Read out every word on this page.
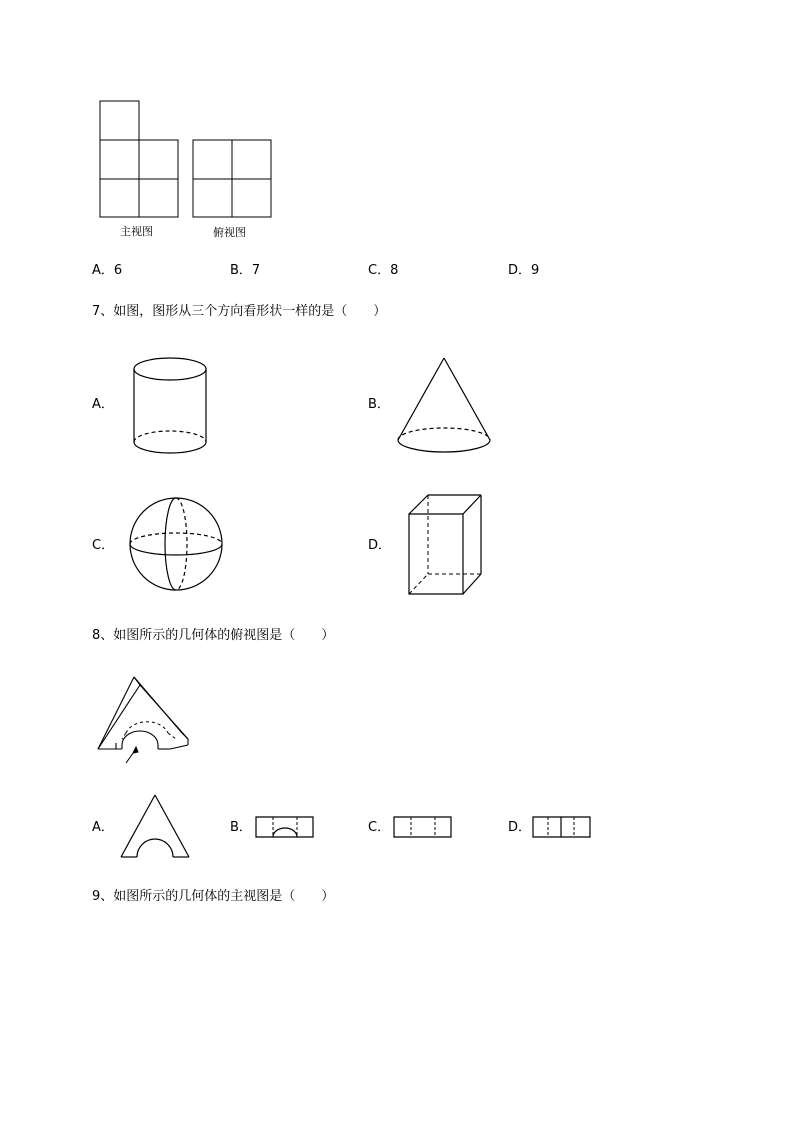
主视图	俯视图
A．6	B．7	C．8	D．9
7、如图，图形从三个方向看形状一样的是（　　）
A．	B．
C．	D．
8、如图所示的几何体的俯视图是（　　）
A．	B．	C．	D．
9、如图所示的几何体的主视图是（　　）
